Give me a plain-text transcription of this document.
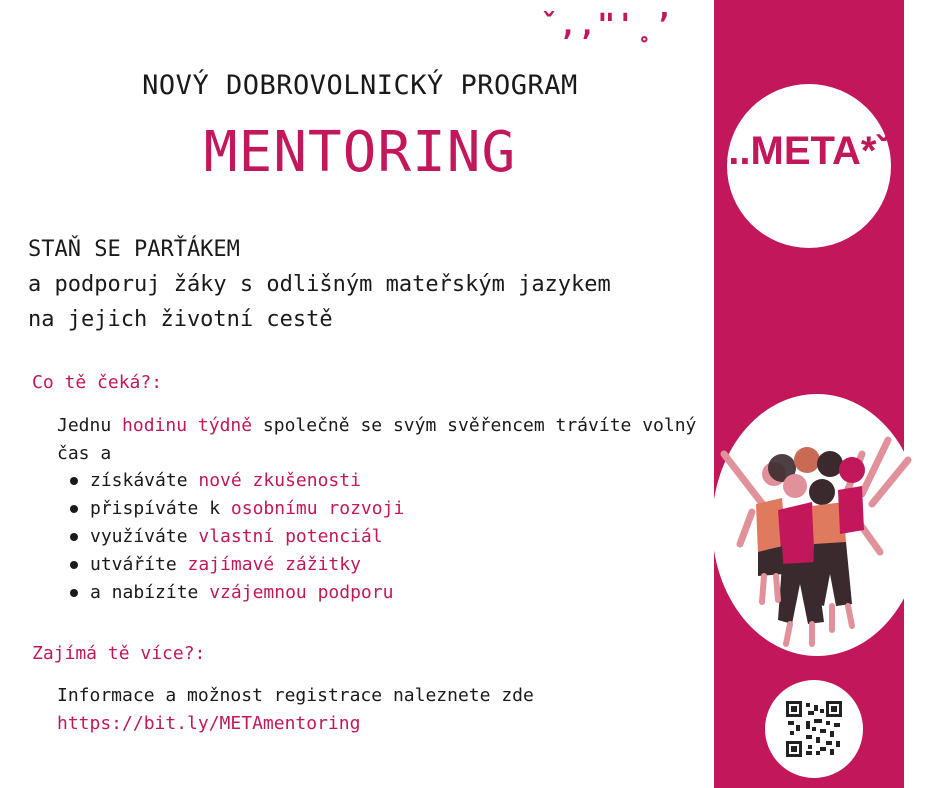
ˇ,,"'˳’
NOVÝ DOBROVOLNICKÝ PROGRAM
MENTORING
STAŇ SE PARŤÁKEM
a podporuj žáky s odlišným mateřským jazykem
na jejich životní cestě
Co tě čeká?:
Jednu hodinu týdně společně se svým svěřencem trávíte volný čas a
získáváte nové zkušenosti
přispíváte k osobnímu rozvoji
využíváte vlastní potenciál
utváříte zajímavé zážitky
a nabízíte vzájemnou podporu
Zajímá tě více?:
Informace a možnost registrace naleznete zde
https://bit.ly/METAmentoring
..META*ˇ
